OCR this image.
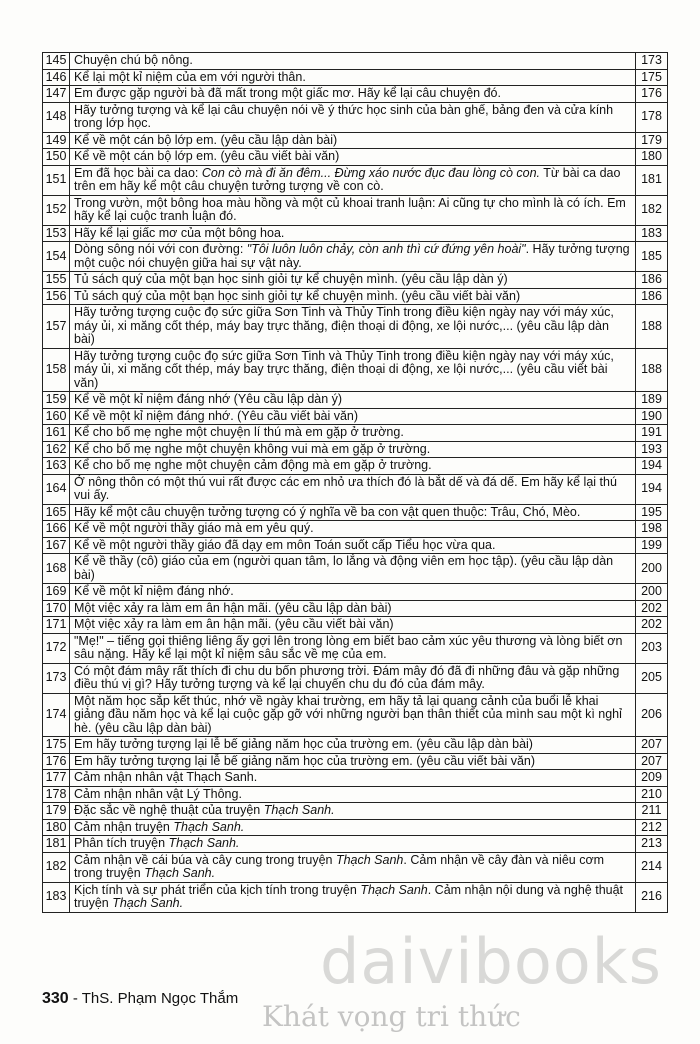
145	Chuyện chú bộ nông.	173
146	Kể lại một kỉ niệm của em với người thân.	175
147	Em được gặp người bà đã mất trong một giấc mơ. Hãy kể lại câu chuyện đó.	176
148	Hãy tưởng tượng và kể lại câu chuyện nói về ý thức học sinh của bàn ghế, bảng đen và cửa kính trong lớp học.	178
149	Kể về một cán bộ lớp em. (yêu cầu lập dàn bài)	179
150	Kể về một cán bộ lớp em. (yêu cầu viết bài văn)	180
151	Em đã học bài ca dao: Con cò mà đi ăn đêm... Đừng xáo nước đục đau lòng cò con. Từ bài ca dao trên em hãy kể một câu chuyện tưởng tượng về con cò.	181
152	Trong vườn, một bông hoa màu hồng và một củ khoai tranh luận: Ai cũng tự cho mình là có ích. Em hãy kể lại cuộc tranh luận đó.	182
153	Hãy kể lại giấc mơ của một bông hoa.	183
154	Dòng sông nói với con đường: "Tôi luôn luôn chảy, còn anh thì cứ đứng yên hoài". Hãy tưởng tượng một cuộc nói chuyện giữa hai sự vật này.	185
155	Tủ sách quý của một bạn học sinh giỏi tự kể chuyện mình. (yêu cầu lập dàn ý)	186
156	Tủ sách quý của một bạn học sinh giỏi tự kể chuyện mình. (yêu cầu viết bài văn)	186
157	Hãy tưởng tượng cuộc đọ sức giữa Sơn Tinh và Thủy Tinh trong điều kiện ngày nay với máy xúc, máy ủi, xi măng cốt thép, máy bay trực thăng, điện thoại di động, xe lội nước,... (yêu cầu lập dàn bài)	188
158	Hãy tưởng tượng cuộc đọ sức giữa Sơn Tinh và Thủy Tinh trong điều kiện ngày nay với máy xúc, máy ủi, xi măng cốt thép, máy bay trực thăng, điện thoại di động, xe lội nước,... (yêu cầu viết bài văn)	188
159	Kể về một kỉ niệm đáng nhớ (Yêu cầu lập dàn ý)	189
160	Kể về một kỉ niệm đáng nhớ. (Yêu cầu viết bài văn)	190
161	Kể cho bố mẹ nghe một chuyện lí thú mà em gặp ở trường.	191
162	Kể cho bố mẹ nghe một chuyện không vui mà em gặp ở trường.	193
163	Kể cho bố mẹ nghe một chuyện cảm động mà em gặp ở trường.	194
164	Ở nông thôn có một thú vui rất được các em nhỏ ưa thích đó là bắt dế và đá dế. Em hãy kể lại thú vui ấy.	194
165	Hãy kể một câu chuyện tưởng tượng có ý nghĩa về ba con vật quen thuộc: Trâu, Chó, Mèo.	195
166	Kể về một người thầy giáo mà em yêu quý.	198
167	Kể về một người thầy giáo đã dạy em môn Toán suốt cấp Tiểu học vừa qua.	199
168	Kể về thầy (cô) giáo của em (người quan tâm, lo lắng và động viên em học tập). (yêu cầu lập dàn bài)	200
169	Kể về một kỉ niệm đáng nhớ.	200
170	Một việc xảy ra làm em ân hận mãi. (yêu cầu lập dàn bài)	202
171	Một việc xảy ra làm em ân hận mãi. (yêu cầu viết bài văn)	202
172	"Mẹ!" – tiếng gọi thiêng liêng ấy gợi lên trong lòng em biết bao cảm xúc yêu thương và lòng biết ơn sâu nặng. Hãy kể lại một kỉ niệm sâu sắc về mẹ của em.	203
173	Có một đám mây rất thích đi chu du bốn phương trời. Đám mây đó đã đi những đâu và gặp những điều thú vị gì? Hãy tưởng tượng và kể lại chuyến chu du đó của đám mây.	205
174	Một năm học sắp kết thúc, nhớ về ngày khai trường, em hãy tả lại quang cảnh của buổi lễ khai giảng đầu năm học và kể lại cuộc gặp gỡ với những người bạn thân thiết của mình sau một kì nghỉ hè. (yêu cầu lập dàn bài)	206
175	Em hãy tưởng tượng lại lễ bế giảng năm học của trường em. (yêu cầu lập dàn bài)	207
176	Em hãy tưởng tượng lại lễ bế giảng năm học của trường em. (yêu cầu viết bài văn)	207
177	Cảm nhận nhân vật Thạch Sanh.	209
178	Cảm nhận nhân vật Lý Thông.	210
179	Đặc sắc về nghệ thuật của truyện Thạch Sanh.	211
180	Cảm nhận truyện Thạch Sanh.	212
181	Phân tích truyện Thạch Sanh.	213
182	Cảm nhận về cái búa và cây cung trong truyện Thạch Sanh. Cảm nhận về cây đàn và niêu cơm trong truyện Thạch Sanh.	214
183	Kịch tính và sự phát triển của kịch tính trong truyện Thạch Sanh. Cảm nhận nội dung và nghệ thuật truyện Thạch Sanh.	216
330 - ThS. Phạm Ngọc Thắm
daivibooks
Khát vọng tri thức
